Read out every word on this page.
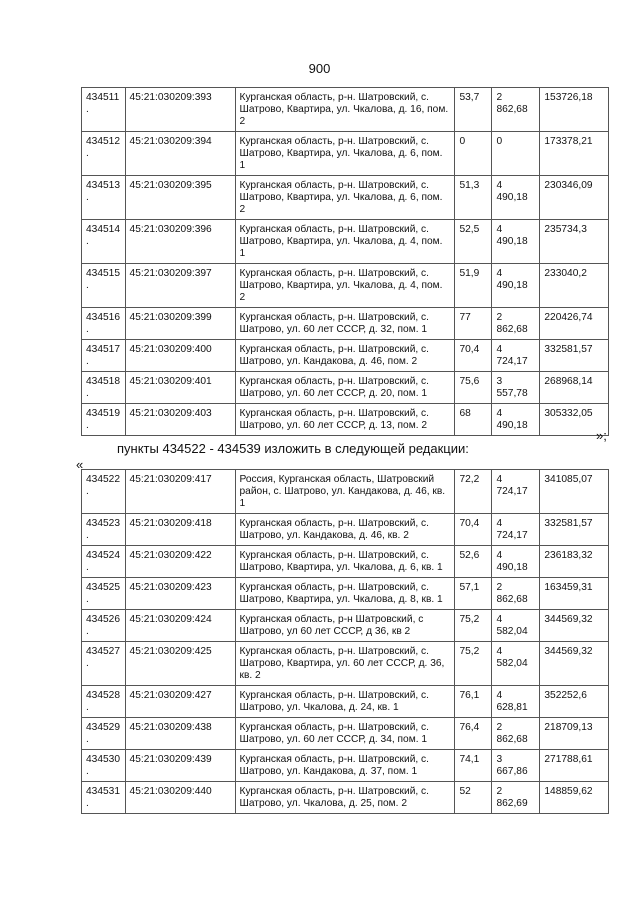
900
434511.	45:21:030209:393	Курганская область, р-н. Шатровский, с. Шатрово, Квартира, ул. Чкалова, д. 16, пом. 2	53,7	2 862,68	153726,18
434512.	45:21:030209:394	Курганская область, р-н. Шатровский, с. Шатрово, Квартира, ул. Чкалова, д. 6, пом. 1	0	0	173378,21
434513.	45:21:030209:395	Курганская область, р-н. Шатровский, с. Шатрово, Квартира, ул. Чкалова, д. 6, пом. 2	51,3	4 490,18	230346,09
434514.	45:21:030209:396	Курганская область, р-н. Шатровский, с. Шатрово, Квартира, ул. Чкалова, д. 4, пом. 1	52,5	4 490,18	235734,3
434515.	45:21:030209:397	Курганская область, р-н. Шатровский, с. Шатрово, Квартира, ул. Чкалова, д. 4, пом. 2	51,9	4 490,18	233040,2
434516.	45:21:030209:399	Курганская область, р-н. Шатровский, с. Шатрово, ул. 60 лет СССР, д. 32, пом. 1	77	2 862,68	220426,74
434517.	45:21:030209:400	Курганская область, р-н. Шатровский, с. Шатрово, ул. Кандакова, д. 46, пом. 2	70,4	4 724,17	332581,57
434518.	45:21:030209:401	Курганская область, р-н. Шатровский, с. Шатрово, ул. 60 лет СССР, д. 20, пом. 1	75,6	3 557,78	268968,14
434519.	45:21:030209:403	Курганская область, р-н. Шатровский, с. Шатрово, ул. 60 лет СССР, д. 13, пом. 2	68	4 490,18	305332,05
»;
пункты 434522 - 434539 изложить в следующей редакции:
«
434522.	45:21:030209:417	Россия, Курганская область, Шатровский район, с. Шатрово, ул. Кандакова, д. 46, кв. 1	72,2	4 724,17	341085,07
434523.	45:21:030209:418	Курганская область, р-н. Шатровский, с. Шатрово, ул. Кандакова, д. 46, кв. 2	70,4	4 724,17	332581,57
434524.	45:21:030209:422	Курганская область, р-н. Шатровский, с. Шатрово, Квартира, ул. Чкалова, д. 6, кв. 1	52,6	4 490,18	236183,32
434525.	45:21:030209:423	Курганская область, р-н. Шатровский, с. Шатрово, Квартира, ул. Чкалова, д. 8, кв. 1	57,1	2 862,68	163459,31
434526.	45:21:030209:424	Курганская область, р-н Шатровский, с Шатрово, ул 60 лет СССР, д 36, кв 2	75,2	4 582,04	344569,32
434527.	45:21:030209:425	Курганская область, р-н. Шатровский, с. Шатрово, Квартира, ул. 60 лет СССР, д. 36, кв. 2	75,2	4 582,04	344569,32
434528.	45:21:030209:427	Курганская область, р-н. Шатровский, с. Шатрово, ул. Чкалова, д. 24, кв. 1	76,1	4 628,81	352252,6
434529.	45:21:030209:438	Курганская область, р-н. Шатровский, с. Шатрово, ул. 60 лет СССР, д. 34, пом. 1	76,4	2 862,68	218709,13
434530.	45:21:030209:439	Курганская область, р-н. Шатровский, с. Шатрово, ул. Кандакова, д. 37, пом. 1	74,1	3 667,86	271788,61
434531.	45:21:030209:440	Курганская область, р-н. Шатровский, с. Шатрово, ул. Чкалова, д. 25, пом. 2	52	2 862,69	148859,62
